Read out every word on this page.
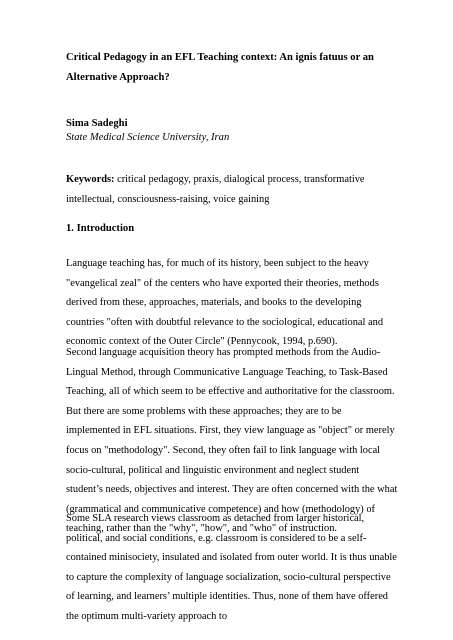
Critical Pedagogy in an EFL Teaching context: An ignis fatuus or an Alternative Approach?
Sima Sadeghi
State Medical Science University, Iran
Keywords: critical pedagogy, praxis, dialogical process, transformative intellectual, consciousness-raising, voice gaining
1. Introduction

Language teaching has, for much of its history, been subject to the heavy "evangelical zeal" of the centers who have exported their theories, methods derived from these, approaches, materials, and books to the developing countries "often with doubtful relevance to the sociological, educational and economic context of the Outer Circle" (Pennycook, 1994, p.690).

Second language acquisition theory has prompted methods from the Audio-Lingual Method, through Communicative Language Teaching, to Task-Based Teaching, all of which seem to be effective and authoritative for the classroom. But there are some problems with these approaches; they are to be implemented in EFL situations. First, they view language as "object" or merely focus on "methodology". Second, they often fail to link language with local socio-cultural, political and linguistic environment and neglect student student’s needs, objectives and interest. They are often concerned with the what (grammatical and communicative competence) and how (methodology) of teaching, rather than the "why", "how", and "who" of instruction.

Some SLA research views classroom as detached from larger historical, political, and social conditions, e.g. classroom is considered to be a self-contained minisociety, insulated and isolated from outer world. It is thus unable to capture the complexity of language socialization, socio-cultural perspective of learning, and learners’ multiple identities. Thus, none of them have offered the optimum multi-variety approach to
